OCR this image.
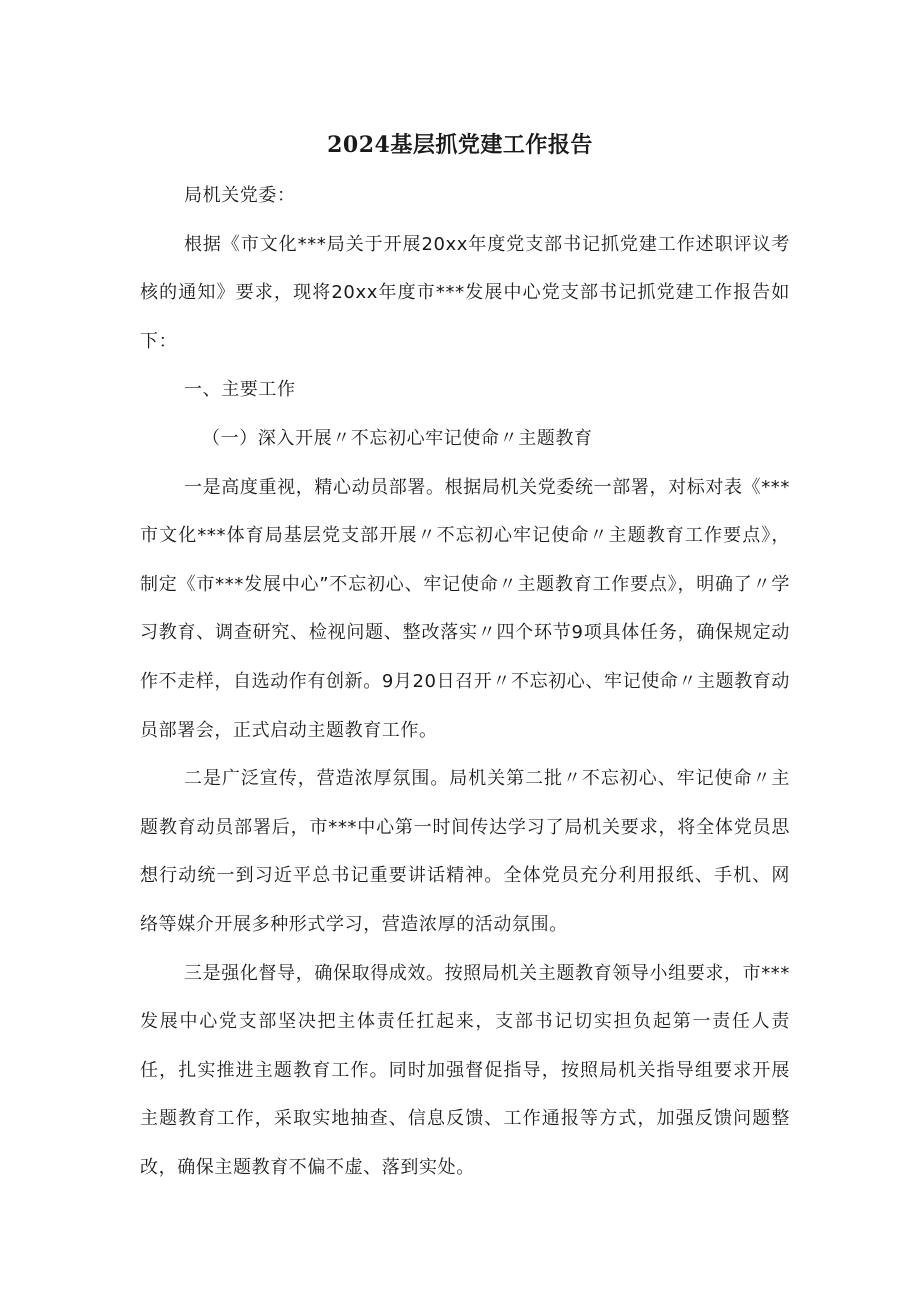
2024基层抓党建工作报告

局机关党委：

根据《市文化***局关于开展20xx年度党支部书记抓党建工作述职评议考核的通知》要求，现将20xx年度市***发展中心党支部书记抓党建工作报告如下：

一、主要工作

（一）深入开展〃不忘初心牢记使命〃主题教育

一是高度重视，精心动员部署。根据局机关党委统一部署，对标对表《***市文化***体育局基层党支部开展〃不忘初心牢记使命〃主题教育工作要点》，制定《市***发展中心”不忘初心、牢记使命〃主题教育工作要点》，明确了〃学习教育、调查研究、检视问题、整改落实〃四个环节9项具体任务，确保规定动作不走样，自选动作有创新。9月20日召开〃不忘初心、牢记使命〃主题教育动员部署会，正式启动主题教育工作。

二是广泛宣传，营造浓厚氛围。局机关第二批〃不忘初心、牢记使命〃主题教育动员部署后，市***中心第一时间传达学习了局机关要求，将全体党员思想行动统一到习近平总书记重要讲话精神。全体党员充分利用报纸、手机、网络等媒介开展多种形式学习，营造浓厚的活动氛围。

三是强化督导，确保取得成效。按照局机关主题教育领导小组要求，市***发展中心党支部坚决把主体责任扛起来，支部书记切实担负起第一责任人责任，扎实推进主题教育工作。同时加强督促指导，按照局机关指导组要求开展主题教育工作，采取实地抽查、信息反馈、工作通报等方式，加强反馈问题整改，确保主题教育不偏不虚、落到实处。
